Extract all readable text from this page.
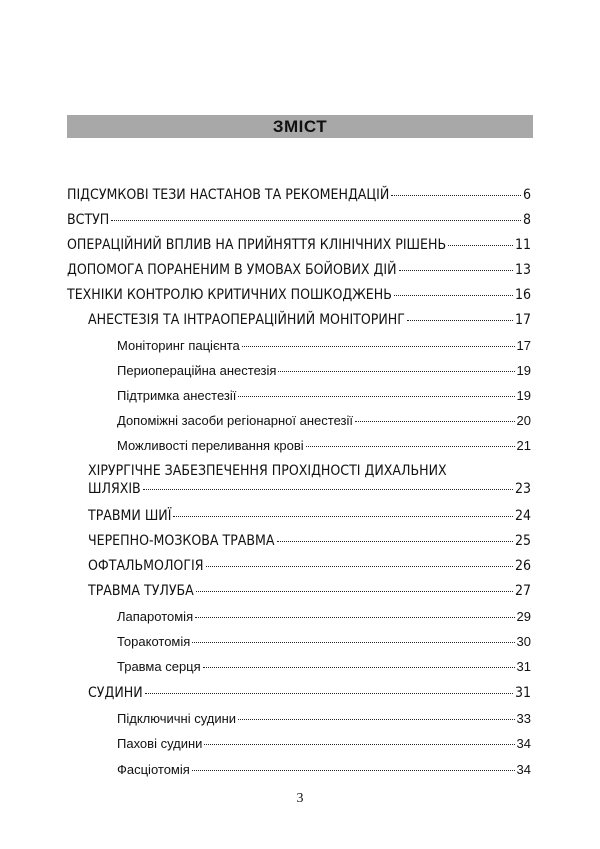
ЗМІСТ
ПІДСУМКОВІ ТЕЗИ НАСТАНОВ ТА РЕКОМЕНДАЦІЙ	6
ВСТУП	8
ОПЕРАЦІЙНИЙ ВПЛИВ НА ПРИЙНЯТТЯ КЛІНІЧНИХ РІШЕНЬ	11
ДОПОМОГА ПОРАНЕНИМ В УМОВАХ БОЙОВИХ ДІЙ	13
ТЕХНІКИ КОНТРОЛЮ КРИТИЧНИХ ПОШКОДЖЕНЬ	16
АНЕСТЕЗІЯ ТА ІНТРАОПЕРАЦІЙНИЙ МОНІТОРИНГ	17
Моніторинг пацієнта	17
Периопераційна анестезія	19
Підтримка анестезії	19
Допоміжні засоби регіонарної анестезії	20
Можливості переливання крові	21
ХІРУРГІЧНЕ ЗАБЕЗПЕЧЕННЯ ПРОХІДНОСТІ ДИХАЛЬНИХ
ШЛЯХІВ	23
ТРАВМИ ШИЇ	24
ЧЕРЕПНО-МОЗКОВА ТРАВМА	25
ОФТАЛЬМОЛОГІЯ	26
ТРАВМА ТУЛУБА	27
Лапаротомія	29
Торакотомія	30
Травма серця	31
СУДИНИ	31
Підключичні судини	33
Пахові судини	34
Фасціотомія	34
3
